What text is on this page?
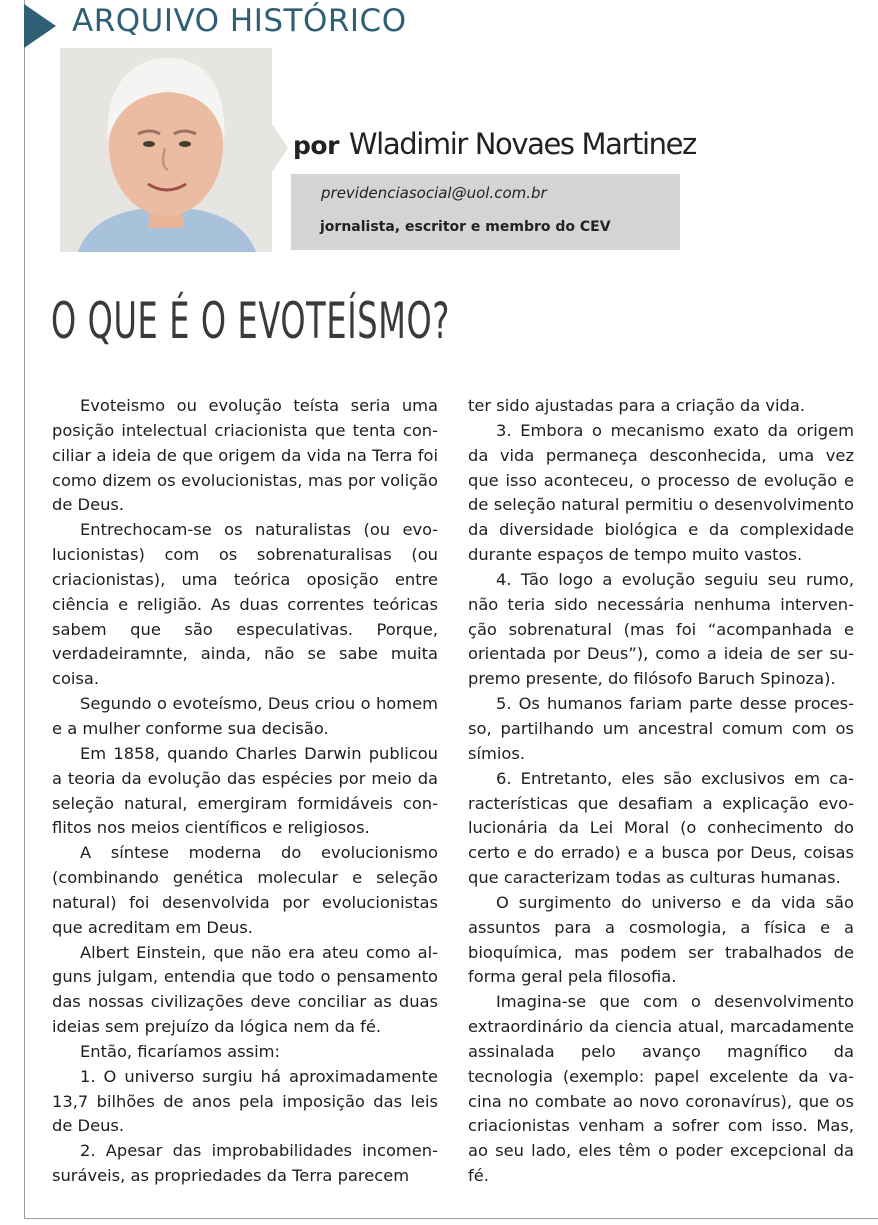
ARQUIVO HISTÓRICO
por Wladimir Novaes Martinez
previdenciasocial@uol.com.br
jornalista, escritor e membro do CEV
O QUE É O EVOTEÍSMO?

Evoteismo ou evolução teísta seria uma posição intelectual criacionista que tenta conciliar a ideia de que origem da vida na Terra foi como dizem os evolucionistas, mas por volição de Deus.

Entrechocam-se os naturalistas (ou evolucionistas) com os sobrenaturalisas (ou criacionistas), uma teórica oposição entre ciência e religião. As duas correntes teóricas sabem que são especulativas. Porque, verdadeiramnte, ainda, não se sabe muita coisa.

Segundo o evoteísmo, Deus criou o homem e a mulher conforme sua decisão.

Em 1858, quando Charles Darwin publicou a teoria da evolução das espécies por meio da seleção natural, emergiram formidáveis conflitos nos meios científicos e religiosos.

A síntese moderna do evolucionismo (combinando genética molecular e seleção natural) foi desenvolvida por evolucionistas que acreditam em Deus.

Albert Einstein, que não era ateu como alguns julgam, entendia que todo o pensamento das nossas civilizações deve conciliar as duas ideias sem prejuízo da lógica nem da fé.

Então, ficaríamos assim:

1. O universo surgiu há aproximadamente 13,7 bilhões de anos pela imposição das leis de Deus.

2. Apesar das improbabilidades incomensuráveis, as propriedades da Terra parecem

ter sido ajustadas para a criação da vida.

3. Embora o mecanismo exato da origem da vida permaneça desconhecida, uma vez que isso aconteceu, o processo de evolução e de seleção natural permitiu o desenvolvimento da diversidade biológica e da complexidade durante espaços de tempo muito vastos.

4. Tão logo a evolução seguiu seu rumo, não teria sido necessária nenhuma intervenção sobrenatural (mas foi “acompanhada e orientada por Deus”), como a ideia de ser supremo presente, do filósofo Baruch Spinoza).

5. Os humanos fariam parte desse processo, partilhando um ancestral comum com os símios.

6. Entretanto, eles são exclusivos em características que desafiam a explicação evolucionária da Lei Moral (o conhecimento do certo e do errado) e a busca por Deus, coisas que caracterizam todas as culturas humanas.

O surgimento do universo e da vida são assuntos para a cosmologia, a física e a bioquímica, mas podem ser trabalhados de forma geral pela filosofia.

Imagina-se que com o desenvolvimento extraordinário da ciencia atual, marcadamente assinalada pelo avanço magnífico da tecnologia (exemplo: papel excelente da vacina no combate ao novo coronavírus), que os criacionistas venham a sofrer com isso. Mas, ao seu lado, eles têm o poder excepcional da fé.
